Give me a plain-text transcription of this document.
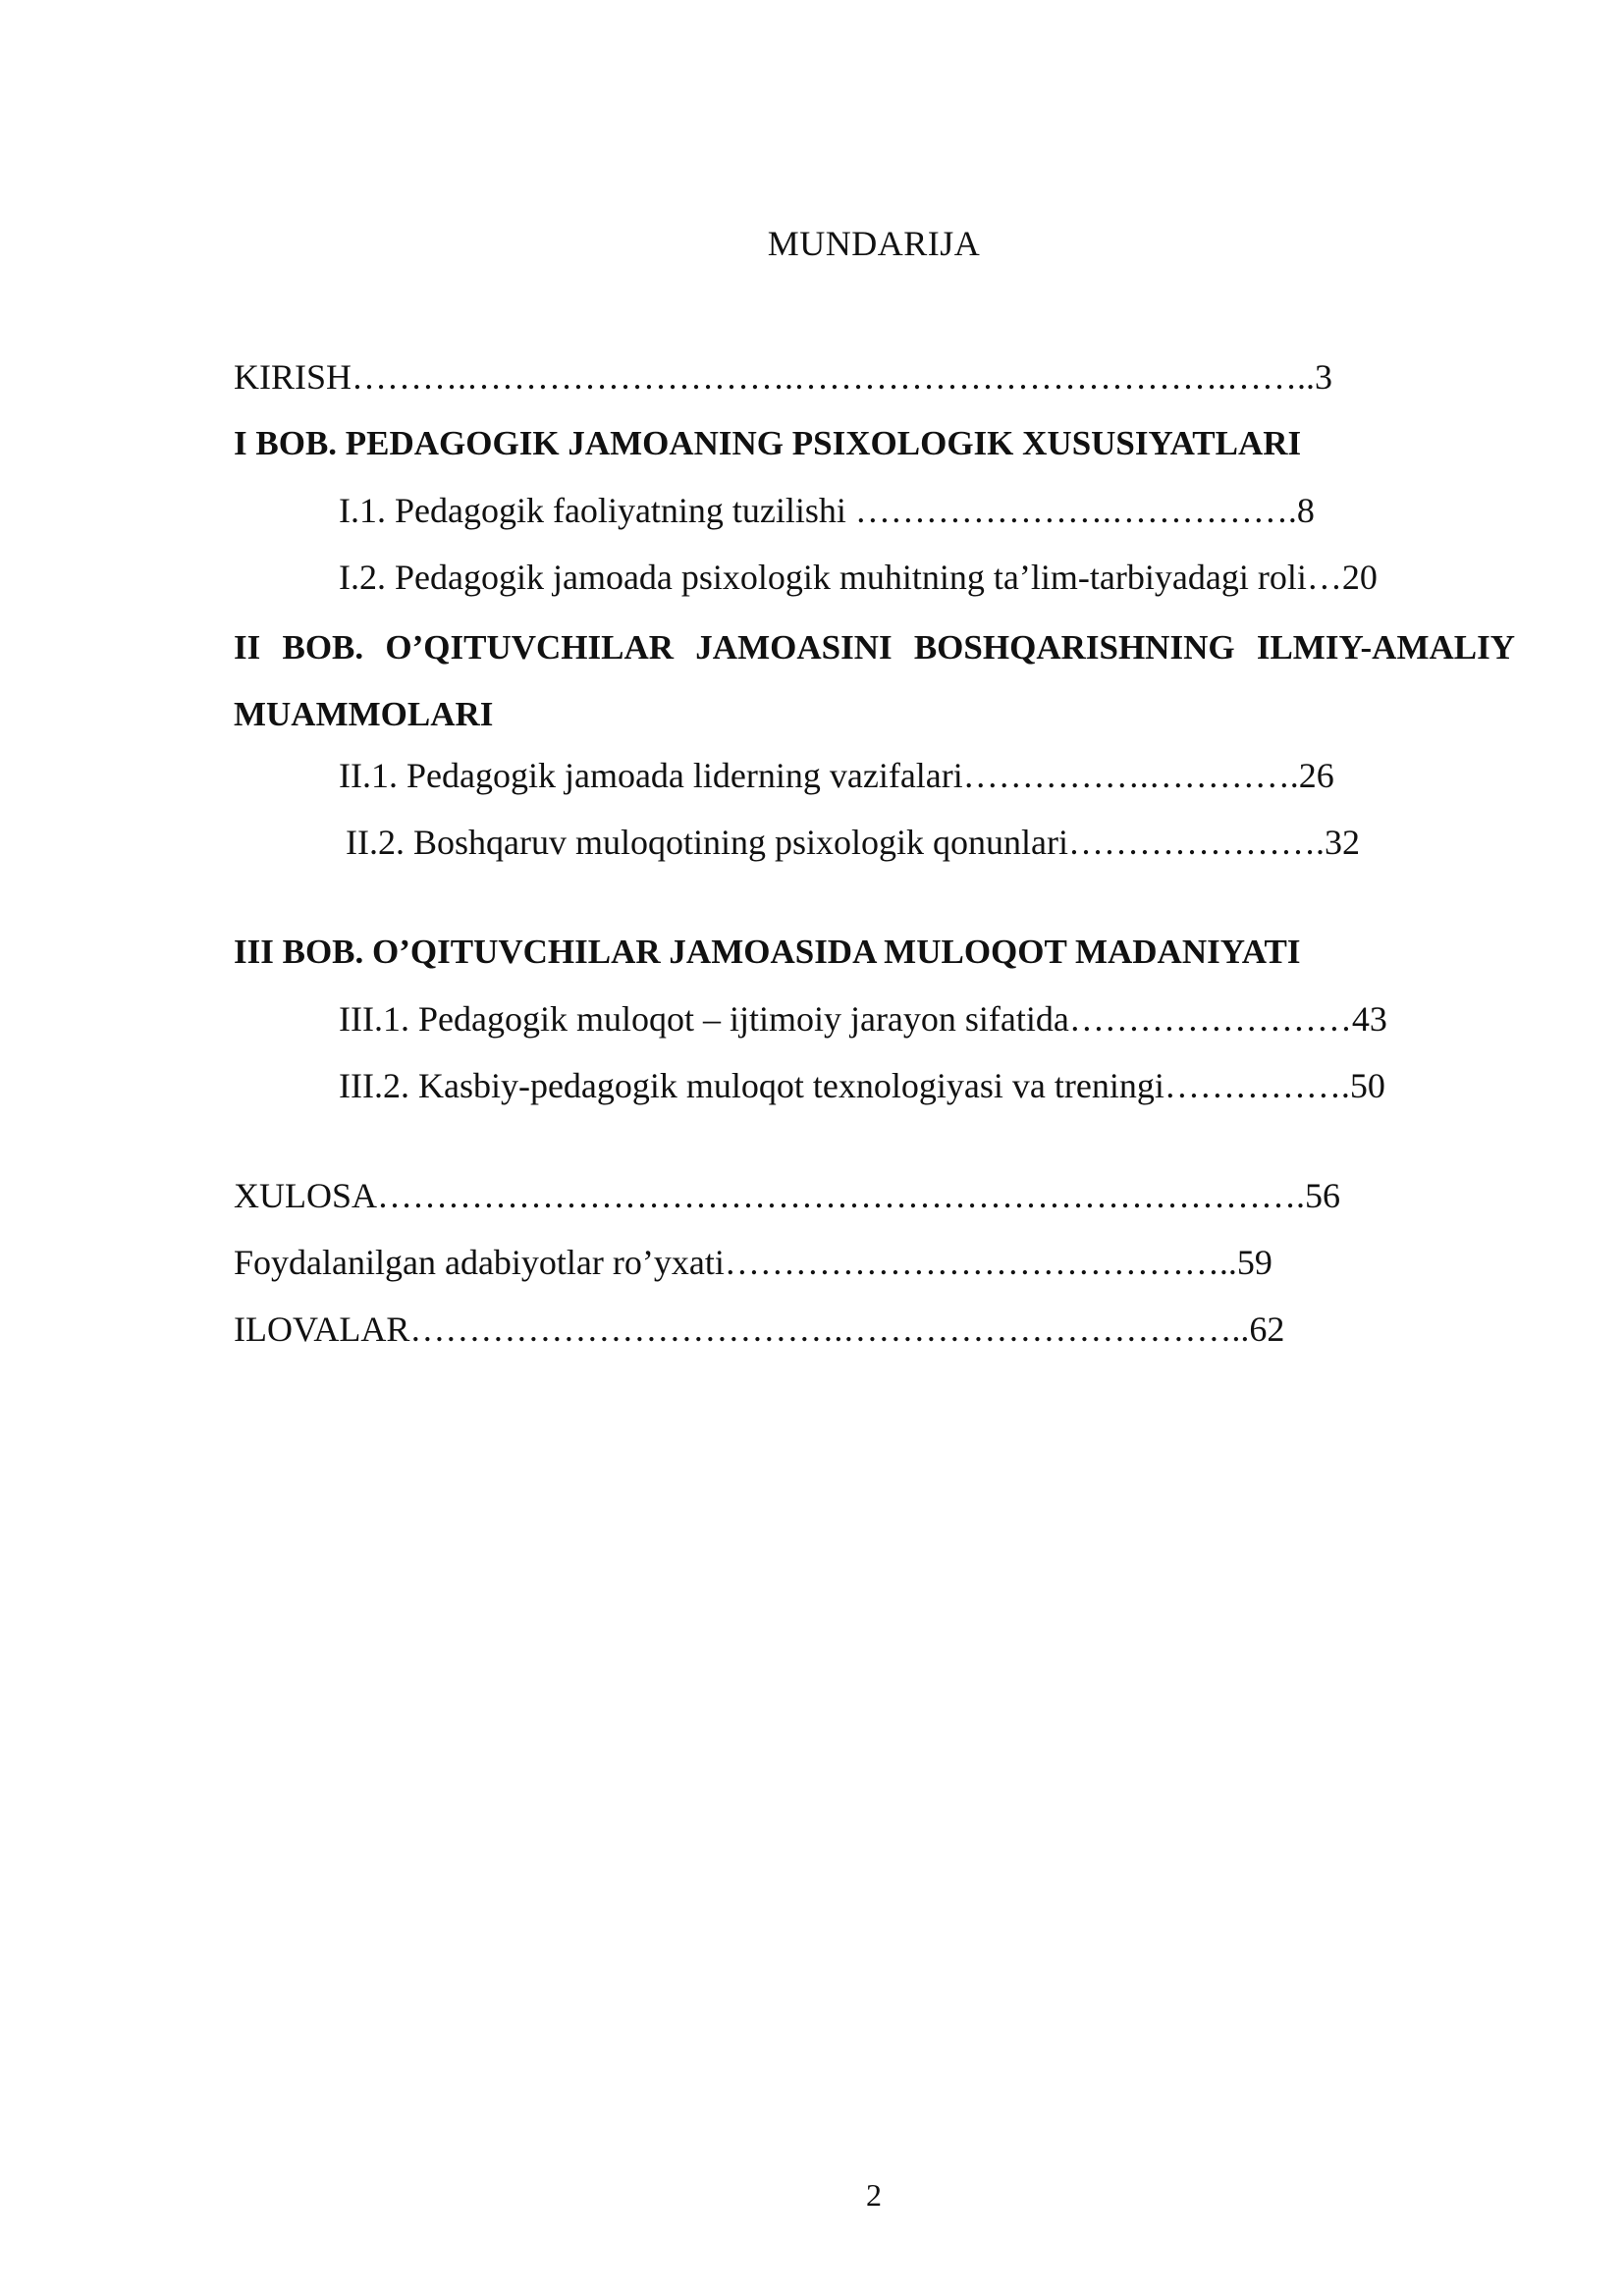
MUNDARIJA
KIRISH……….……………………….……………………………….……..3
I BOB. PEDAGOGIK JAMOANING PSIXOLOGIK XUSUSIYATLARI
I.1. Pedagogik faoliyatning tuzilishi ………………….…………….8
I.2. Pedagogik jamoada psixologik muhitning ta’lim-tarbiyadagi roli…20
II BOB. O’QITUVCHILAR JAMOASINI BOSHQARISHNING ILMIY-AMALIY MUAMMOLARI
II.1. Pedagogik jamoada liderning vazifalari…………….………….26
II.2. Boshqaruv muloqotining psixologik qonunlari………………….32
III BOB. O’QITUVCHILAR JAMOASIDA MULOQOT MADANIYATI
III.1. Pedagogik muloqot – ijtimoiy jarayon sifatida……………………43
III.2. Kasbiy-pedagogik muloqot texnologiyasi va treningi…………….50
XULOSA…………………………………………………………………….56
Foydalanilgan adabiyotlar ro’yxati……………………………………..59
ILOVALAR……………………………….……………………………..62
2
